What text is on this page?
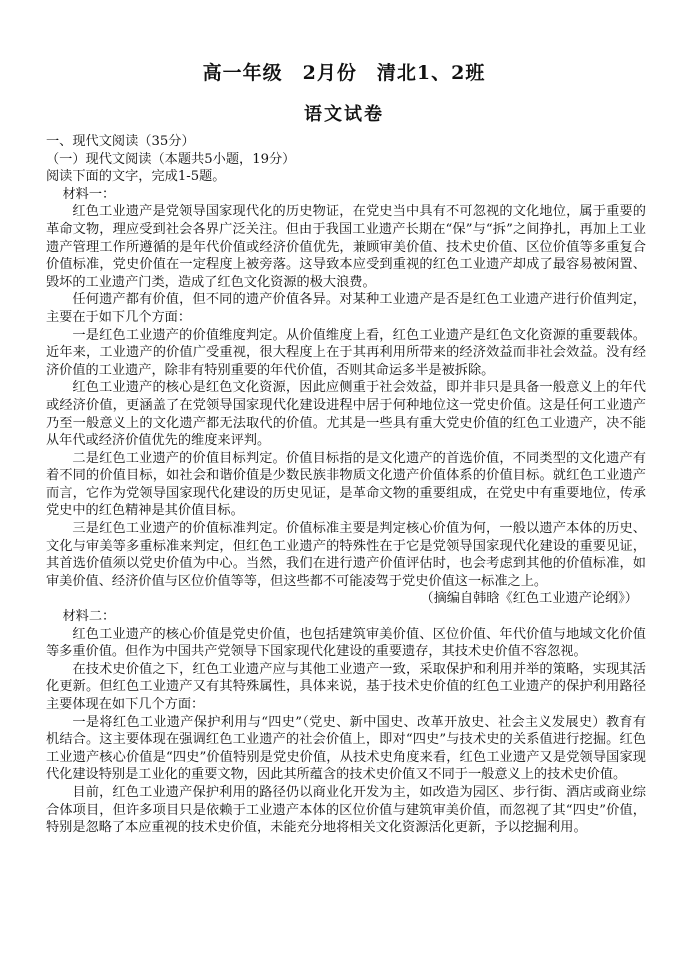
高一年级　2月份　清北1、2班
语文试卷

一、现代文阅读（35分）

（一）现代文阅读（本题共5小题，19分）

阅读下面的文字，完成1-5题。

材料一：

红色工业遗产是党领导国家现代化的历史物证，在党史当中具有不可忽视的文化地位，属于重要的革命文物，理应受到社会各界广泛关注。但由于我国工业遗产长期在“保”与“拆”之间挣扎，再加上工业遗产管理工作所遵循的是年代价值或经济价值优先，兼顾审美价值、技术史价值、区位价值等多重复合价值标准，党史价值在一定程度上被旁落。这导致本应受到重视的红色工业遗产却成了最容易被闲置、毁坏的工业遗产门类，造成了红色文化资源的极大浪费。

任何遗产都有价值，但不同的遗产价值各异。对某种工业遗产是否是红色工业遗产进行价值判定，主要在于如下几个方面：

一是红色工业遗产的价值维度判定。从价值维度上看，红色工业遗产是红色文化资源的重要载体。近年来，工业遗产的价值广受重视，很大程度上在于其再利用所带来的经济效益而非社会效益。没有经济价值的工业遗产，除非有特别重要的年代价值，否则其命运多半是被拆除。

红色工业遗产的核心是红色文化资源，因此应侧重于社会效益，即并非只是具备一般意义上的年代或经济价值，更涵盖了在党领导国家现代化建设进程中居于何种地位这一党史价值。这是任何工业遗产乃至一般意义上的文化遗产都无法取代的价值。尤其是一些具有重大党史价值的红色工业遗产，决不能从年代或经济价值优先的维度来评判。

二是红色工业遗产的价值目标判定。价值目标指的是文化遗产的首选价值，不同类型的文化遗产有着不同的价值目标，如社会和谐价值是少数民族非物质文化遗产价值体系的价值目标。就红色工业遗产而言，它作为党领导国家现代化建设的历史见证，是革命文物的重要组成，在党史中有重要地位，传承党史中的红色精神是其价值目标。

三是红色工业遗产的价值标准判定。价值标准主要是判定核心价值为何，一般以遗产本体的历史、文化与审美等多重标准来判定，但红色工业遗产的特殊性在于它是党领导国家现代化建设的重要见证，其首选价值须以党史价值为中心。当然，我们在进行遗产价值评估时，也会考虑到其他的价值标准，如审美价值、经济价值与区位价值等等，但这些都不可能凌驾于党史价值这一标准之上。

（摘编自韩晗《红色工业遗产论纲》）

材料二：

红色工业遗产的核心价值是党史价值，也包括建筑审美价值、区位价值、年代价值与地域文化价值等多重价值。但作为中国共产党领导下国家现代化建设的重要遗存，其技术史价值不容忽视。

在技术史价值之下，红色工业遗产应与其他工业遗产一致，采取保护和利用并举的策略，实现其活化更新。但红色工业遗产又有其特殊属性，具体来说，基于技术史价值的红色工业遗产的保护利用路径主要体现在如下几个方面：

一是将红色工业遗产保护利用与“四史”（党史、新中国史、改革开放史、社会主义发展史）教育有机结合。这主要体现在强调红色工业遗产的社会价值上，即对“四史”与技术史的关系值进行挖掘。红色工业遗产核心价值是“四史”价值特别是党史价值，从技术史角度来看，红色工业遗产又是党领导国家现代化建设特别是工业化的重要文物，因此其所蕴含的技术史价值又不同于一般意义上的技术史价值。

目前，红色工业遗产保护利用的路径仍以商业化开发为主，如改造为园区、步行街、酒店或商业综合体项目，但许多项目只是依赖于工业遗产本体的区位价值与建筑审美价值，而忽视了其“四史”价值，特别是忽略了本应重视的技术史价值，未能充分地将相关文化资源活化更新，予以挖掘利用。
